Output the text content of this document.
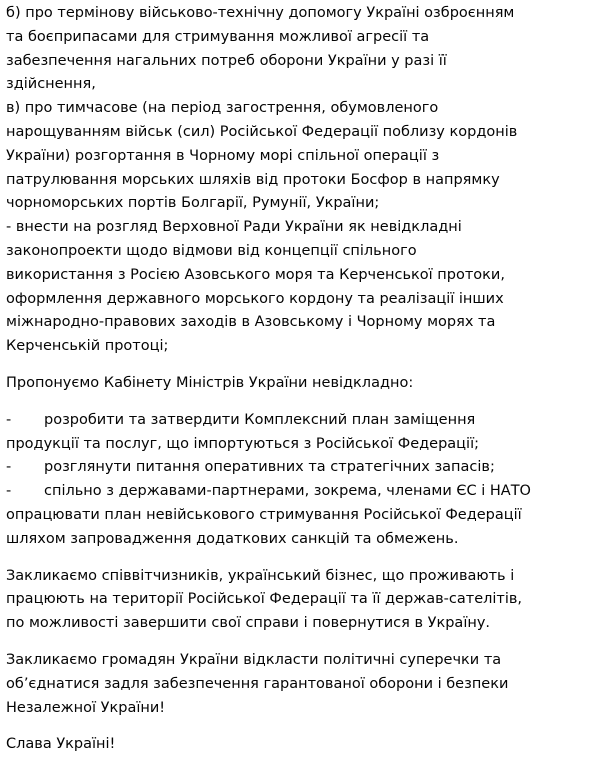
б) про термінову військово-технічну допомогу Україні озброєнням
та боєприпасами для стримування можливої агресії та
забезпечення нагальних потреб оборони України у разі її
здійснення,
в) про тимчасове (на період загострення, обумовленого
нарощуванням військ (сил) Російської Федерації поблизу кордонів
України) розгортання в Чорному морі спільної операції з
патрулювання морських шляхів від протоки Босфор в напрямку
чорноморських портів Болгарії, Румунії, України;
- внести на розгляд Верховної Ради України як невідкладні
законопроекти щодо відмови від концепції спільного
використання з Росією Азовського моря та Керченської протоки,
оформлення державного морського кордону та реалізації інших
міжнародно-правових заходів в Азовському і Чорному морях та
Керченській протоці;
Пропонуємо Кабінету Міністрів України невідкладно:
- розробити та затвердити Комплексний план заміщення
продукції та послуг, що імпортуються з Російської Федерації;
- розглянути питання оперативних та стратегічних запасів;
- спільно з державами-партнерами, зокрема, членами ЄС і НАТО
опрацювати план невійськового стримування Російської Федерації
шляхом запровадження додаткових санкцій та обмежень.
Закликаємо співвітчизників, український бізнес, що проживають і
працюють на території Російської Федерації та її держав-сателітів,
по можливості завершити свої справи і повернутися в Україну.
Закликаємо громадян України відкласти політичні суперечки та
об’єднатися задля забезпечення гарантованої оборони і безпеки
Незалежної України!
Слава Україні!
